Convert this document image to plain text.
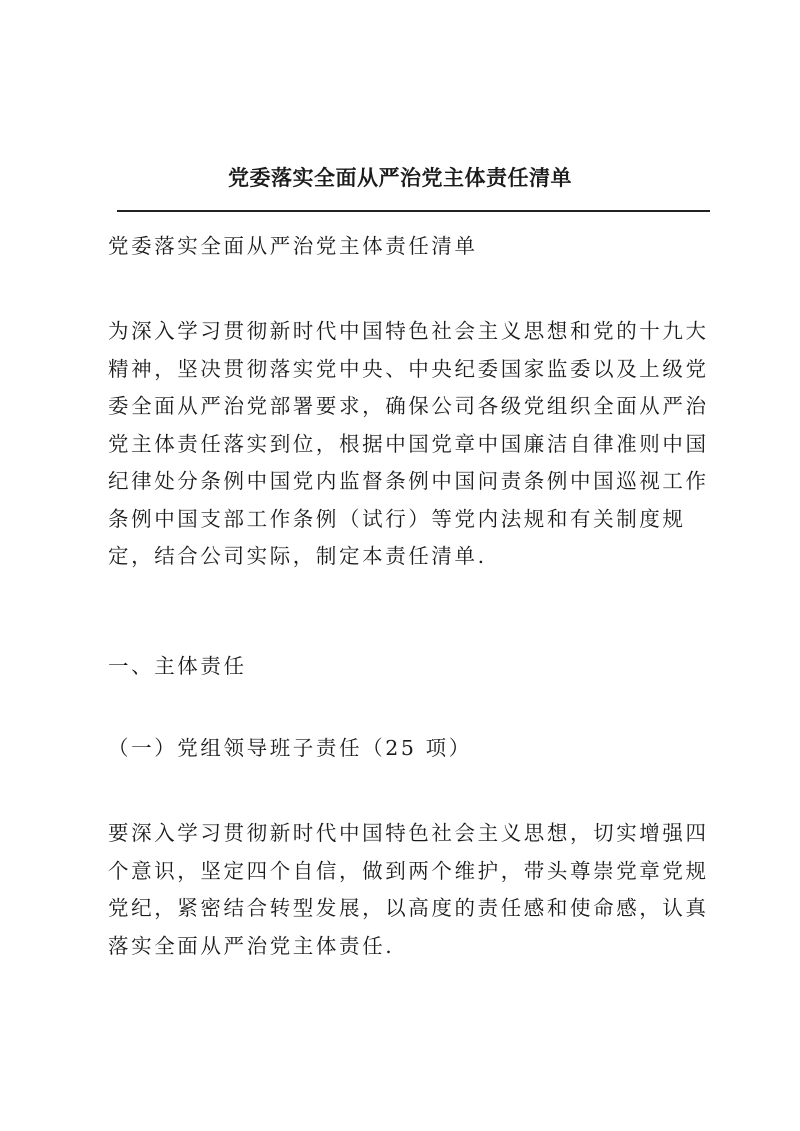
党委落实全面从严治党主体责任清单

党委落实全面从严治党主体责任清单

为深入学习贯彻新时代中国特色社会主义思想和党的十九大精神，坚决贯彻落实党中央、中央纪委国家监委以及上级党委全面从严治党部署要求，确保公司各级党组织全面从严治党主体责任落实到位，根据中国党章中国廉洁自律准则中国纪律处分条例中国党内监督条例中国问责条例中国巡视工作条例中国支部工作条例（试行）等党内法规和有关制度规定，结合公司实际，制定本责任清单.

一、主体责任

（一）党组领导班子责任（25 项）

要深入学习贯彻新时代中国特色社会主义思想，切实增强四个意识，坚定四个自信，做到两个维护，带头尊崇党章党规党纪，紧密结合转型发展，以高度的责任感和使命感，认真落实全面从严治党主体责任.
